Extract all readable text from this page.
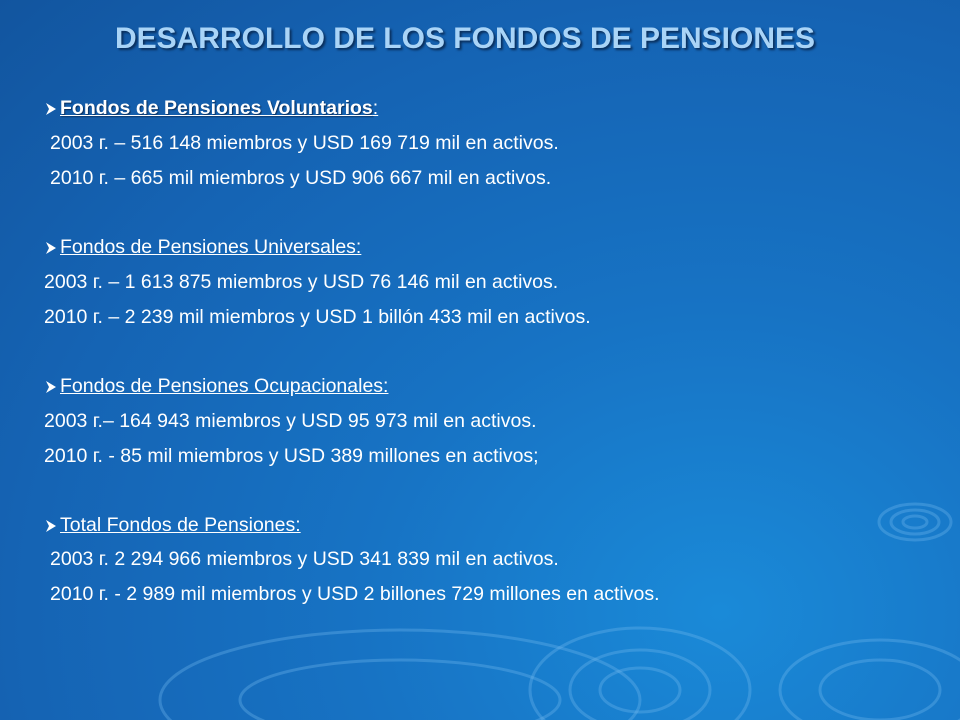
DESARROLLO DE LOS FONDOS DE PENSIONES
Fondos de Pensiones Voluntarios :
2003 г. – 516 148 miembros y USD 169 719 mil en activos.
2010 г. – 665 mil miembros y USD 906 667 mil en activos.
Fondos de Pensiones Universales:
2003 г. – 1 613 875 miembros y USD 76 146 mil en activos.
2010 г. – 2 239 mil miembros y USD 1 billón 433 mil en activos.
Fondos de Pensiones Ocupacionales:
2003 г.– 164 943 miembros y USD 95 973 mil en activos.
2010 г. - 85 mil miembros y USD 389 millones en activos;
Total Fondos de Pensiones:
2003 г. 2 294 966 miembros y USD 341 839 mil en activos.
2010 г. - 2 989 mil miembros y USD 2 billones 729 millones en activos.
